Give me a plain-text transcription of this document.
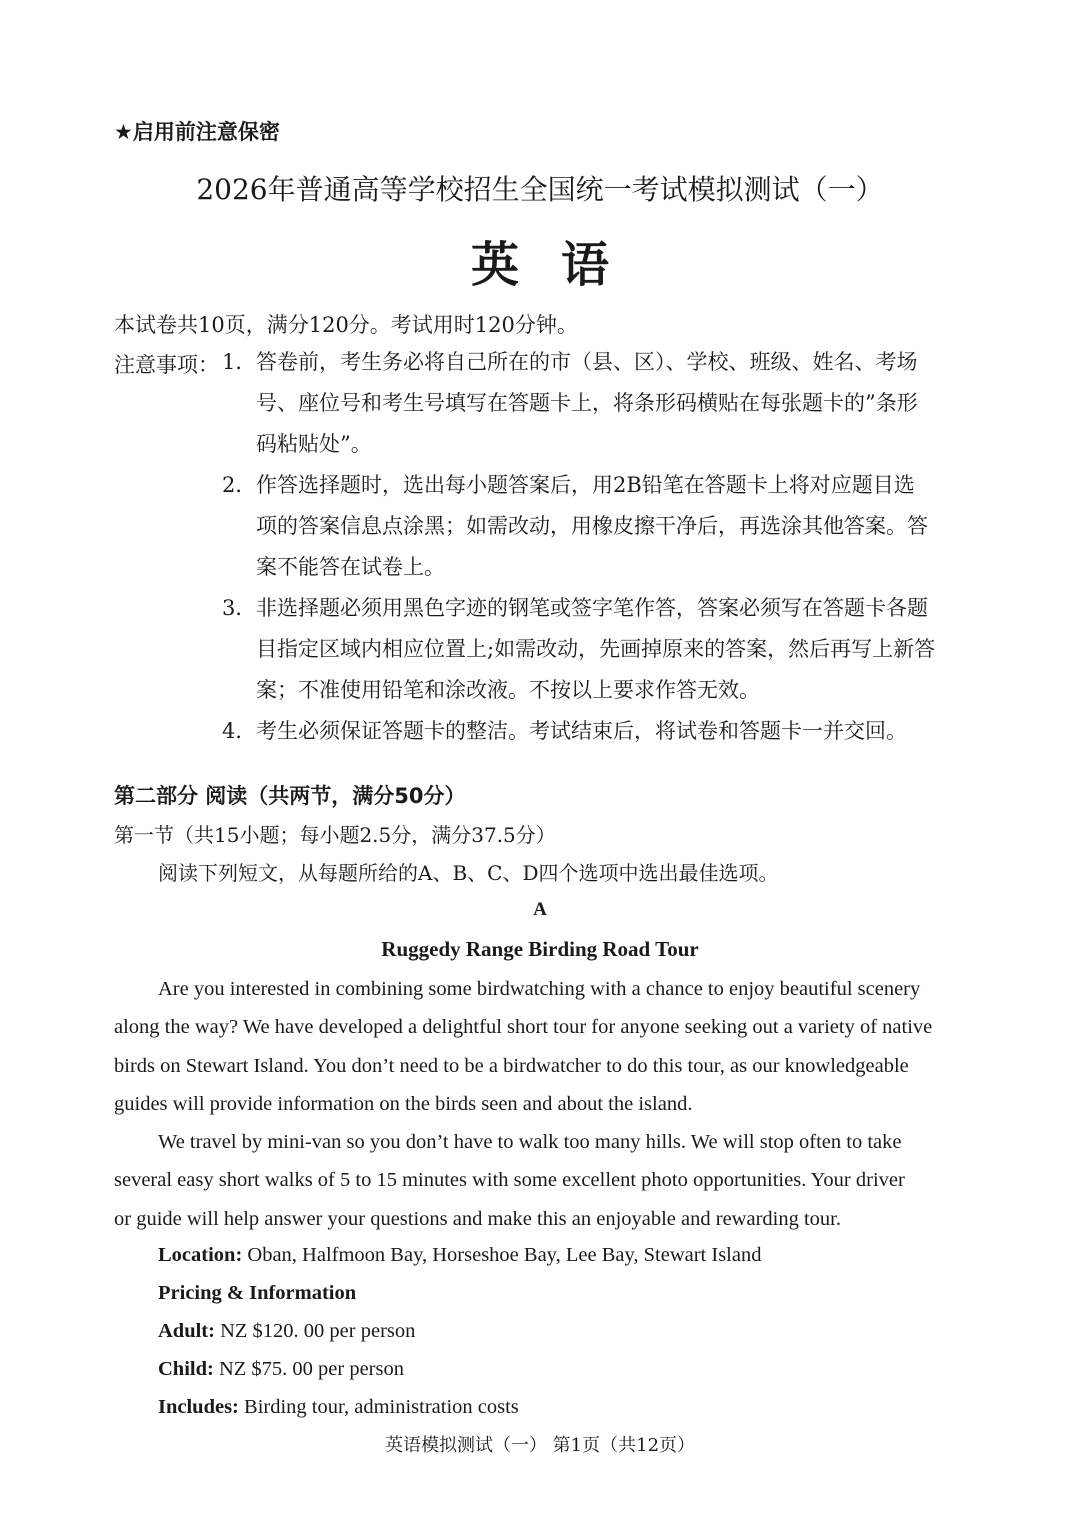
★启用前注意保密
2026年普通高等学校招生全国统一考试模拟测试（一）
英语
本试卷共10页，满分120分。考试用时120分钟。
注意事项： 1． 答卷前，考生务必将自己所在的市（县、区）、学校、班级、姓名、考场
号、座位号和考生号填写在答题卡上，将条形码横贴在每张题卡的”条形
码粘贴处”。
2． 作答选择题时，选出每小题答案后，用2B铅笔在答题卡上将对应题目选
项的答案信息点涂黑；如需改动，用橡皮擦干净后，再选涂其他答案。答
案不能答在试卷上。
3． 非选择题必须用黑色字迹的钢笔或签字笔作答，答案必须写在答题卡各题
目指定区域内相应位置上;如需改动，先画掉原来的答案，然后再写上新答
案；不准使用铅笔和涂改液。不按以上要求作答无效。
4． 考生必须保证答题卡的整洁。考试结束后，将试卷和答题卡一并交回。
第二部分 阅读（共两节，满分50分）
第一节（共15小题；每小题2.5分，满分37.5分）
阅读下列短文，从每题所给的A、B、C、D四个选项中选出最佳选项。
A
Ruggedy Range Birding Road Tour
Are you interested in combining some birdwatching with a chance to enjoy beautiful scenery
along the way? We have developed a delightful short tour for anyone seeking out a variety of native
birds on Stewart Island. You don’t need to be a birdwatcher to do this tour, as our knowledgeable
guides will provide information on the birds seen and about the island.
We travel by mini-van so you don’t have to walk too many hills. We will stop often to take
several easy short walks of 5 to 15 minutes with some excellent photo opportunities. Your driver
or guide will help answer your questions and make this an enjoyable and rewarding tour.
Location: Oban, Halfmoon Bay, Horseshoe Bay, Lee Bay, Stewart Island
Pricing & Information
Adult: NZ $120. 00 per person
Child: NZ $75. 00 per person
Includes: Birding tour, administration costs
英语模拟测试（一） 第1页（共12页）
